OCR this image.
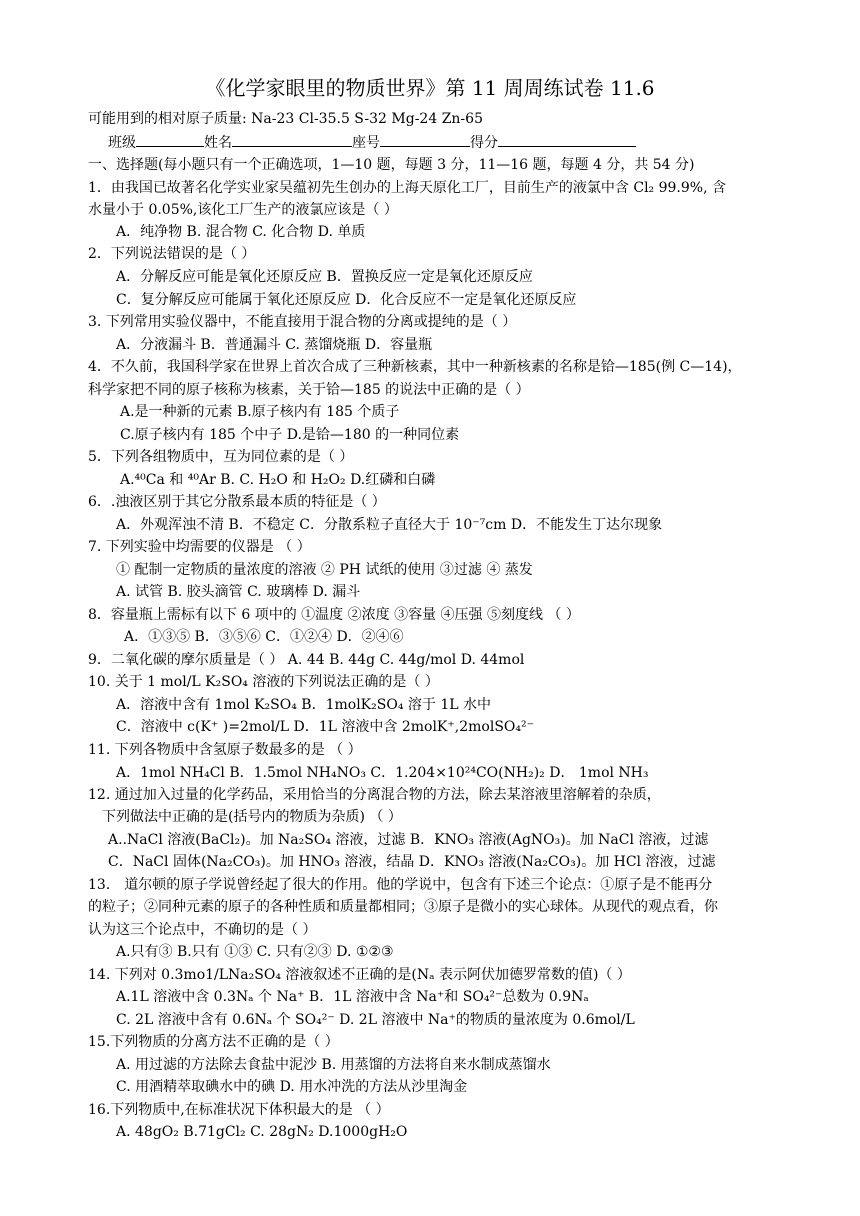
《化学家眼里的物质世界》第 11 周周练试卷 11.6
可能用到的相对原子质量: Na-23 Cl-35.5 S-32 Mg-24 Zn-65
班级	姓名	座号	得分
一、选择题(每小题只有一个正确选项，1—10 题，每题 3 分，11—16 题，每题 4 分，共 54 分)
1．由我国已故著名化学实业家吴蕴初先生创办的上海天原化工厂，目前生产的液氯中含 Cl₂ 99.9%, 含
水量小于 0.05%,该化工厂生产的液氯应该是（ ）
A．纯净物 B. 混合物 C. 化合物 D. 单质
2．下列说法错误的是（ ）
A．分解反应可能是氧化还原反应 B．置换反应一定是氧化还原反应
C．复分解反应可能属于氧化还原反应 D．化合反应不一定是氧化还原反应
3. 下列常用实验仪器中，不能直接用于混合物的分离或提纯的是（ ）
A．分液漏斗 B．普通漏斗 C. 蒸馏烧瓶 D．容量瓶
4．不久前，我国科学家在世界上首次合成了三种新核素，其中一种新核素的名称是铪—185(例 C—14)，
科学家把不同的原子核称为核素，关于铪—185 的说法中正确的是（ ）
A.是一种新的元素 B.原子核内有 185 个质子
C.原子核内有 185 个中子 D.是铪—180 的一种同位素
5．下列各组物质中，互为同位素的是（ ）
A.⁴⁰Ca 和 ⁴⁰Ar B. C. H₂O 和 H₂O₂ D.红磷和白磷
6．.浊液区别于其它分散系最本质的特征是（ ）
A．外观浑浊不清 B．不稳定 C．分散系粒子直径大于 10⁻⁷cm D．不能发生丁达尔现象
7. 下列实验中均需要的仪器是 （ ）
① 配制一定物质的量浓度的溶液 ② PH 试纸的使用 ③过滤 ④ 蒸发
A. 试管 B. 胶头滴管 C. 玻璃棒 D. 漏斗
8．容量瓶上需标有以下 6 项中的 ①温度 ②浓度 ③容量 ④压强 ⑤刻度线 （ ）
A．①③⑤ B．③⑤⑥ C．①②④ D．②④⑥
9．二氧化碳的摩尔质量是（ ） A. 44 B. 44g C. 44g/mol D. 44mol
10. 关于 1 mol/L K₂SO₄ 溶液的下列说法正确的是（ ）
A．溶液中含有 1mol K₂SO₄ B．1molK₂SO₄ 溶于 1L 水中
C．溶液中 c(K⁺ )=2mol/L D．1L 溶液中含 2molK⁺,2molSO₄²⁻
11. 下列各物质中含氢原子数最多的是 （ ）
A．1mol NH₄Cl B．1.5mol NH₄NO₃ C．1.204×10²⁴CO(NH₂)₂ D． 1mol NH₃
12. 通过加入过量的化学药品，采用恰当的分离混合物的方法，除去某溶液里溶解着的杂质，
下列做法中正确的是(括号内的物质为杂质) （ ）
A..NaCl 溶液(BaCl₂)。加 Na₂SO₄ 溶液，过滤 B．KNO₃ 溶液(AgNO₃)。加 NaCl 溶液，过滤
C．NaCl 固体(Na₂CO₃)。加 HNO₃ 溶液，结晶 D．KNO₃ 溶液(Na₂CO₃)。加 HCl 溶液，过滤
13． 道尔顿的原子学说曾经起了很大的作用。他的学说中，包含有下述三个论点：①原子是不能再分
的粒子；②同种元素的原子的各种性质和质量都相同；③原子是微小的实心球体。从现代的观点看，你
认为这三个论点中，不确切的是（ ）
A.只有③ B.只有 ①③ C. 只有②③ D. ①②③
14. 下列对 0.3mo1/LNa₂SO₄ 溶液叙述不正确的是(Nₐ 表示阿伏加德罗常数的值)（ ）
A.1L 溶液中含 0.3Nₐ 个 Na⁺ B．1L 溶液中含 Na⁺和 SO₄²⁻总数为 0.9Nₐ
C. 2L 溶液中含有 0.6Nₐ 个 SO₄²⁻ D. 2L 溶液中 Na⁺的物质的量浓度为 0.6mol/L
15.下列物质的分离方法不正确的是（ ）
A. 用过滤的方法除去食盐中泥沙 B. 用蒸馏的方法将自来水制成蒸馏水
C. 用酒精萃取碘水中的碘 D. 用水冲洗的方法从沙里淘金
16.下列物质中,在标准状况下体积最大的是 （ ）
A. 48gO₂ B.71gCl₂ C. 28gN₂ D.1000gH₂O
